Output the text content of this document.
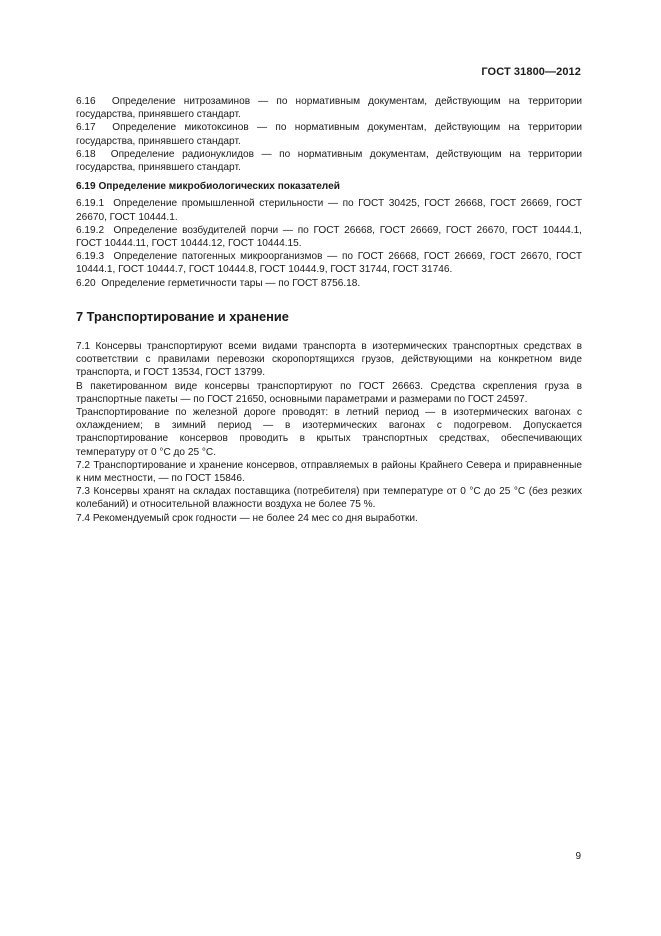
ГОСТ 31800—2012

6.16 Определение нитрозаминов — по нормативным документам, действующим на территории государства, принявшего стандарт.

6.17 Определение микотоксинов — по нормативным документам, действующим на территории государства, принявшего стандарт.

6.18 Определение радионуклидов — по нормативным документам, действующим на территории государства, принявшего стандарт.

6.19 Определение микробиологических показателей

6.19.1 Определение промышленной стерильности — по ГОСТ 30425, ГОСТ 26668, ГОСТ 26669, ГОСТ 26670, ГОСТ 10444.1.

6.19.2 Определение возбудителей порчи — по ГОСТ 26668, ГОСТ 26669, ГОСТ 26670, ГОСТ 10444.1, ГОСТ 10444.11, ГОСТ 10444.12, ГОСТ 10444.15.

6.19.3 Определение патогенных микроорганизмов — по ГОСТ 26668, ГОСТ 26669, ГОСТ 26670, ГОСТ 10444.1, ГОСТ 10444.7, ГОСТ 10444.8, ГОСТ 10444.9, ГОСТ 31744, ГОСТ 31746.

6.20 Определение герметичности тары — по ГОСТ 8756.18.

7 Транспортирование и хранение

7.1 Консервы транспортируют всеми видами транспорта в изотермических транспортных средствах в соответствии с правилами перевозки скоропортящихся грузов, действующими на конкретном виде транспорта, и ГОСТ 13534, ГОСТ 13799.

В пакетированном виде консервы транспортируют по ГОСТ 26663. Средства скрепления груза в транспортные пакеты — по ГОСТ 21650, основными параметрами и размерами по ГОСТ 24597.

Транспортирование по железной дороге проводят: в летний период — в изотермических вагонах с охлаждением; в зимний период — в изотермических вагонах с подогревом. Допускается транспортирование консервов проводить в крытых транспортных средствах, обеспечивающих температуру от 0 °С до 25 °С.

7.2 Транспортирование и хранение консервов, отправляемых в районы Крайнего Севера и приравненные к ним местности, — по ГОСТ 15846.

7.3 Консервы хранят на складах поставщика (потребителя) при температуре от 0 °С до 25 °С (без резких колебаний) и относительной влажности воздуха не более 75 %.

7.4 Рекомендуемый срок годности — не более 24 мес со дня выработки.

9
